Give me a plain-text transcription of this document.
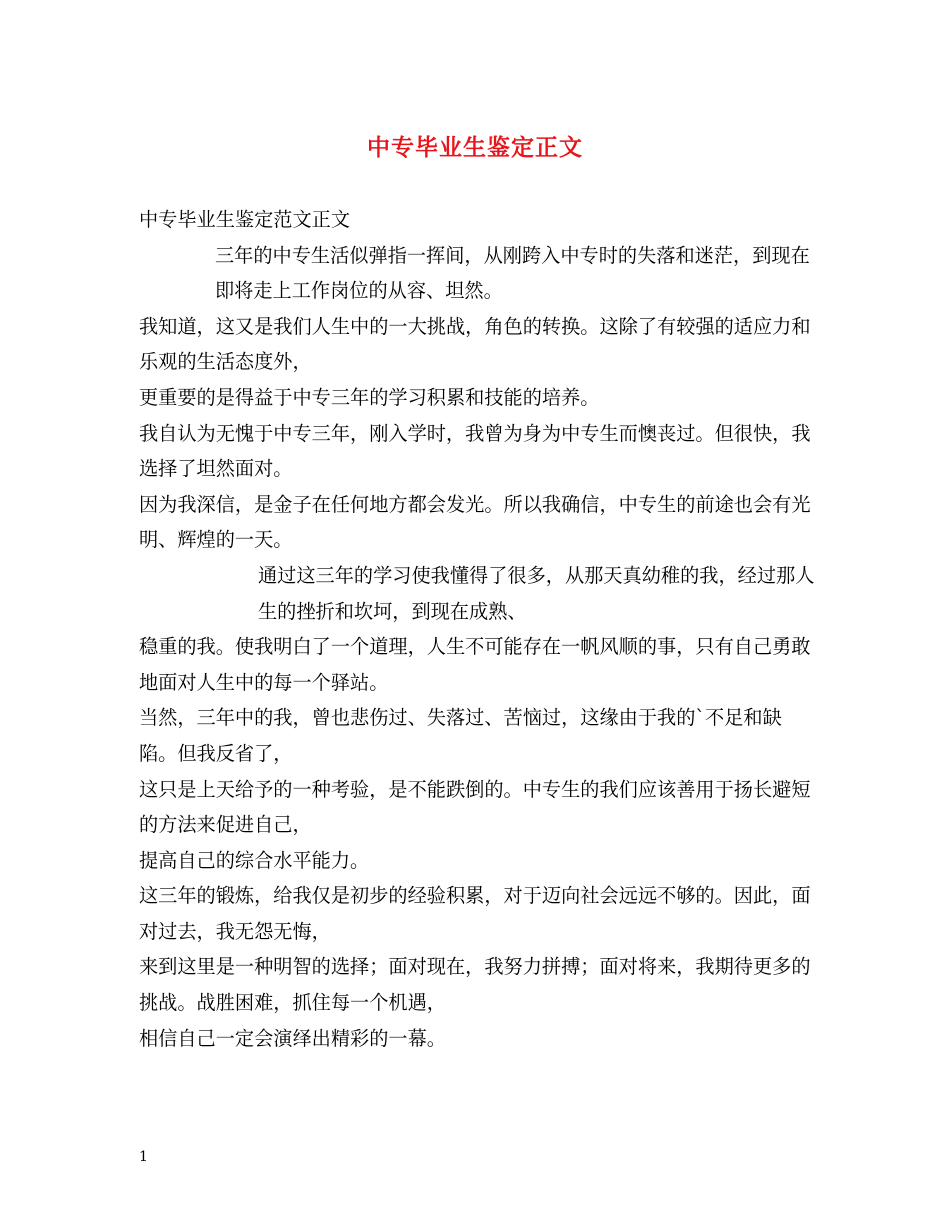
中专毕业生鉴定正文

中专毕业生鉴定范文正文

三年的中专生活似弹指一挥间，从刚跨入中专时的失落和迷茫，到现在即将走上工作岗位的从容、坦然。

我知道，这又是我们人生中的一大挑战，角色的转换。这除了有较强的适应力和乐观的生活态度外，

更重要的是得益于中专三年的学习积累和技能的培养。

我自认为无愧于中专三年，刚入学时，我曾为身为中专生而懊丧过。但很快，我选择了坦然面对。

因为我深信，是金子在任何地方都会发光。所以我确信，中专生的前途也会有光明、辉煌的一天。

通过这三年的学习使我懂得了很多，从那天真幼稚的我，经过那人生的挫折和坎坷，到现在成熟、

稳重的我。使我明白了一个道理，人生不可能存在一帆风顺的事，只有自己勇敢地面对人生中的每一个驿站。

当然，三年中的我，曾也悲伤过、失落过、苦恼过，这缘由于我的`不足和缺陷。但我反省了，

这只是上天给予的一种考验，是不能跌倒的。中专生的我们应该善用于扬长避短的方法来促进自己，

提高自己的综合水平能力。

这三年的锻炼，给我仅是初步的经验积累，对于迈向社会远远不够的。因此，面对过去，我无怨无悔，

来到这里是一种明智的选择；面对现在，我努力拼搏；面对将来，我期待更多的挑战。战胜困难，抓住每一个机遇，

相信自己一定会演绎出精彩的一幕。

1
